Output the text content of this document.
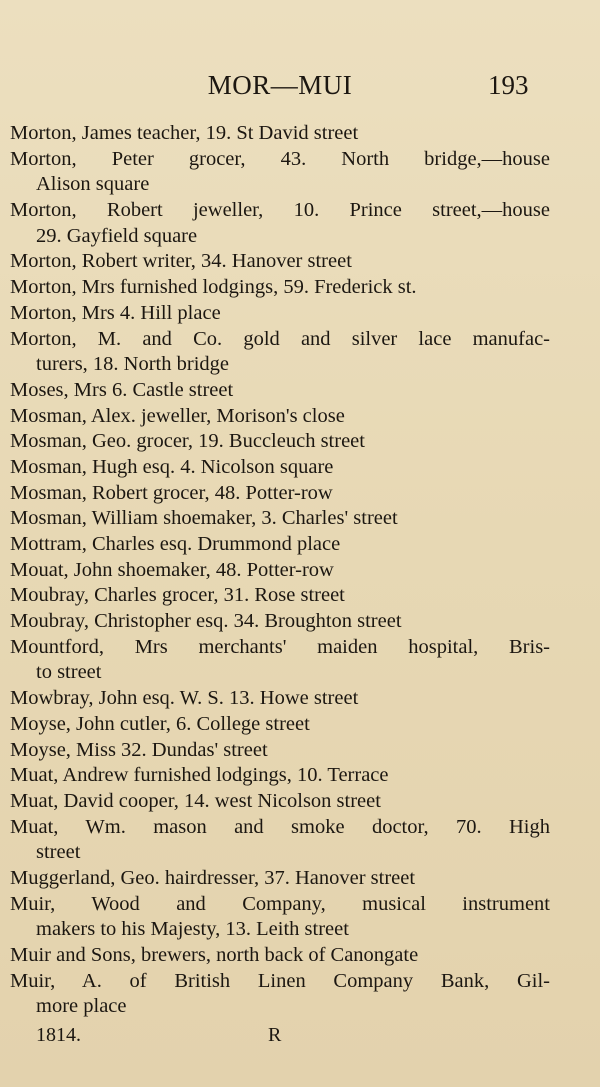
MOR—MUI	193
Morton, James teacher, 19. St David street
Morton, Peter grocer, 43. North bridge,—house
Alison square
Morton, Robert jeweller, 10. Prince street,—house
29. Gayfield square
Morton, Robert writer, 34. Hanover street
Morton, Mrs furnished lodgings, 59. Frederick st.
Morton, Mrs 4. Hill place
Morton, M. and Co. gold and silver lace manufac-
turers, 18. North bridge
Moses, Mrs 6. Castle street
Mosman, Alex. jeweller, Morison's close
Mosman, Geo. grocer, 19. Buccleuch street
Mosman, Hugh esq. 4. Nicolson square
Mosman, Robert grocer, 48. Potter-row
Mosman, William shoemaker, 3. Charles' street
Mottram, Charles esq. Drummond place
Mouat, John shoemaker, 48. Potter-row
Moubray, Charles grocer, 31. Rose street
Moubray, Christopher esq. 34. Broughton street
Mountford, Mrs merchants' maiden hospital, Bris-
to street
Mowbray, John esq. W. S. 13. Howe street
Moyse, John cutler, 6. College street
Moyse, Miss 32. Dundas' street
Muat, Andrew furnished lodgings, 10. Terrace
Muat, David cooper, 14. west Nicolson street
Muat, Wm. mason and smoke doctor, 70. High
street
Muggerland, Geo. hairdresser, 37. Hanover street
Muir, Wood and Company, musical instrument
makers to his Majesty, 13. Leith street
Muir and Sons, brewers, north back of Canongate
Muir, A. of British Linen Company Bank, Gil-
more place
1814.	R
